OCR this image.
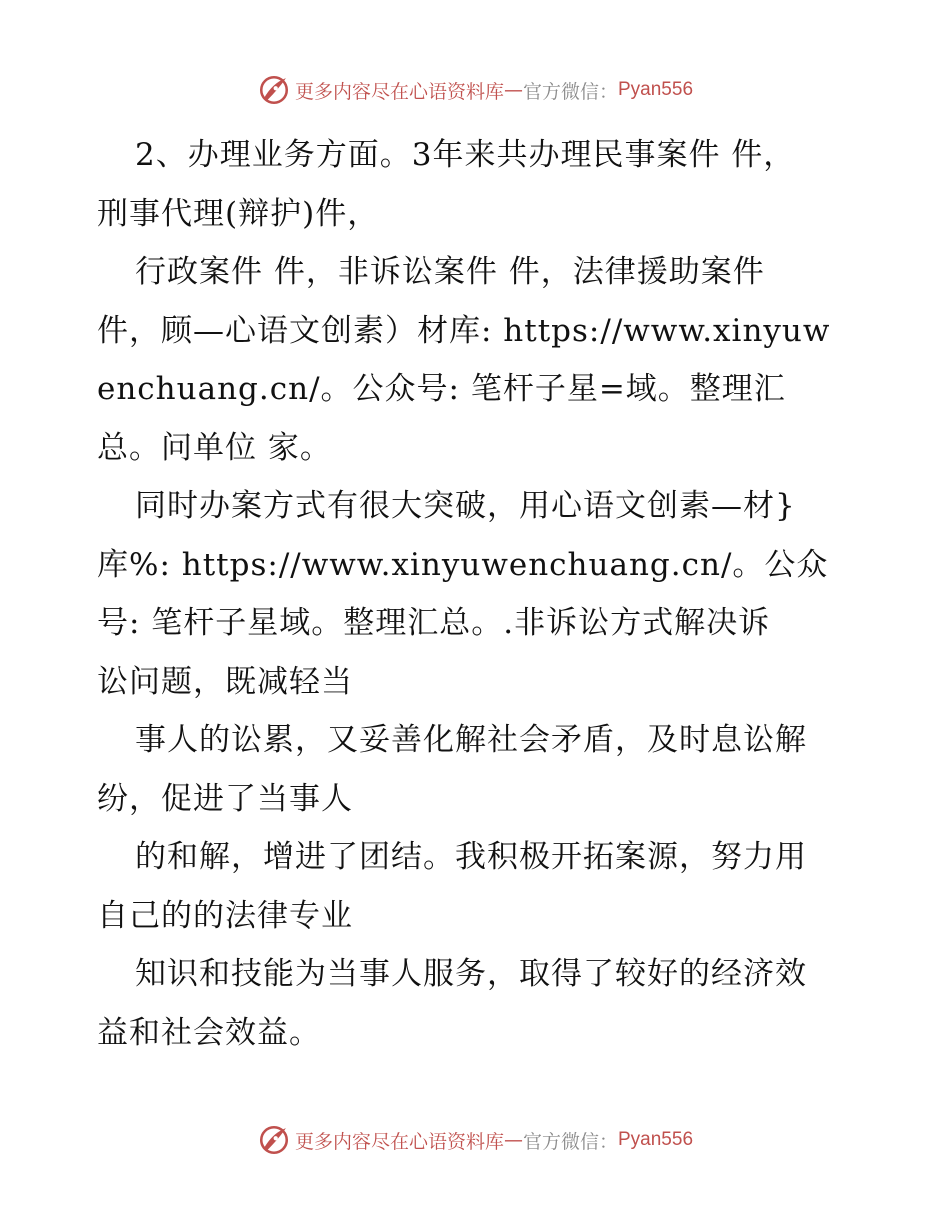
更多内容尽在心语资料库 — 官方微信： Pyan556
2、办理业务方面。3年来共办理民事案件 件，
刑事代理(辩护)件，
行政案件 件，非诉讼案件 件，法律援助案件
件，顾—心语文创素）材库: https://www.xinyuw
enchuang.cn/。公众号: 笔杆子星=域。整理汇
总。问单位 家。
同时办案方式有很大突破，用心语文创素—材}
库%: https://www.xinyuwenchuang.cn/。公众
号: 笔杆子星域。整理汇总。.非诉讼方式解决诉
讼问题，既减轻当
事人的讼累，又妥善化解社会矛盾，及时息讼解
纷，促进了当事人
的和解，增进了团结。我积极开拓案源，努力用
自己的的法律专业
知识和技能为当事人服务，取得了较好的经济效
益和社会效益。
更多内容尽在心语资料库 — 官方微信： Pyan556
